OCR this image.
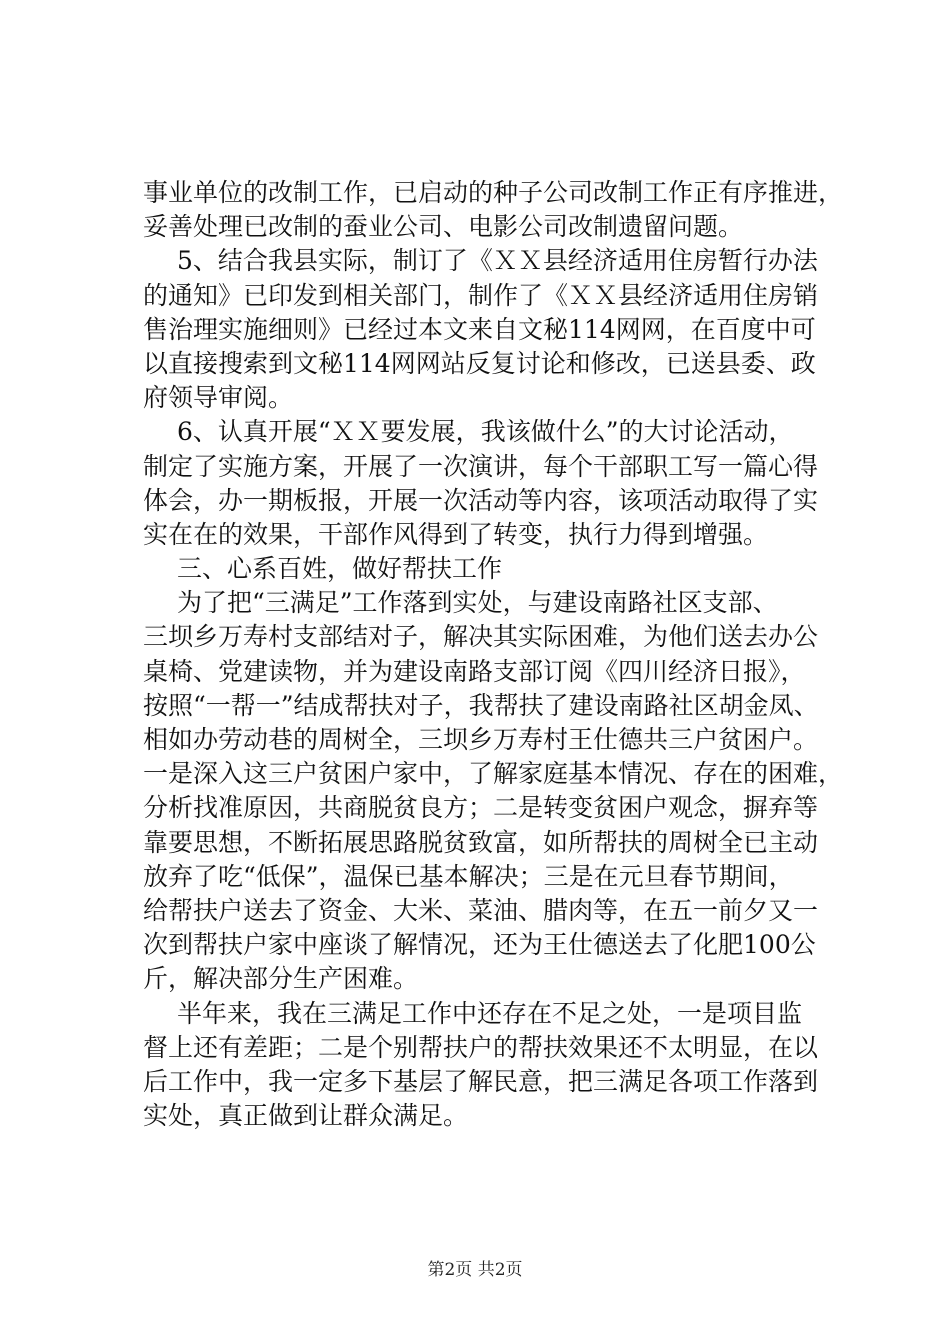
事业单位的改制工作，已启动的种子公司改制工作正有序推进，
妥善处理已改制的蚕业公司、电影公司改制遗留问题。
5、结合我县实际，制订了《ＸＸ县经济适用住房暂行办法
的通知》已印发到相关部门，制作了《ＸＸ县经济适用住房销
售治理实施细则》已经过本文来自文秘114网网，在百度中可
以直接搜索到文秘114网网站反复讨论和修改，已送县委、政
府领导审阅。
6、认真开展“ＸＸ要发展，我该做什么”的大讨论活动，
制定了实施方案，开展了一次演讲，每个干部职工写一篇心得
体会，办一期板报，开展一次活动等内容，该项活动取得了实
实在在的效果，干部作风得到了转变，执行力得到增强。
三、心系百姓，做好帮扶工作
为了把“三满足”工作落到实处，与建设南路社区支部、
三坝乡万寿村支部结对子，解决其实际困难，为他们送去办公
桌椅、党建读物，并为建设南路支部订阅《四川经济日报》，
按照“一帮一”结成帮扶对子，我帮扶了建设南路社区胡金凤、
相如办劳动巷的周树全，三坝乡万寿村王仕德共三户贫困户。
一是深入这三户贫困户家中，了解家庭基本情况、存在的困难，
分析找准原因，共商脱贫良方；二是转变贫困户观念，摒弃等
靠要思想，不断拓展思路脱贫致富，如所帮扶的周树全已主动
放弃了吃“低保”，温保已基本解决；三是在元旦春节期间，
给帮扶户送去了资金、大米、菜油、腊肉等，在五一前夕又一
次到帮扶户家中座谈了解情况，还为王仕德送去了化肥100公
斤，解决部分生产困难。
半年来，我在三满足工作中还存在不足之处，一是项目监
督上还有差距；二是个别帮扶户的帮扶效果还不太明显，在以
后工作中，我一定多下基层了解民意，把三满足各项工作落到
实处，真正做到让群众满足。
第2页 共2页
